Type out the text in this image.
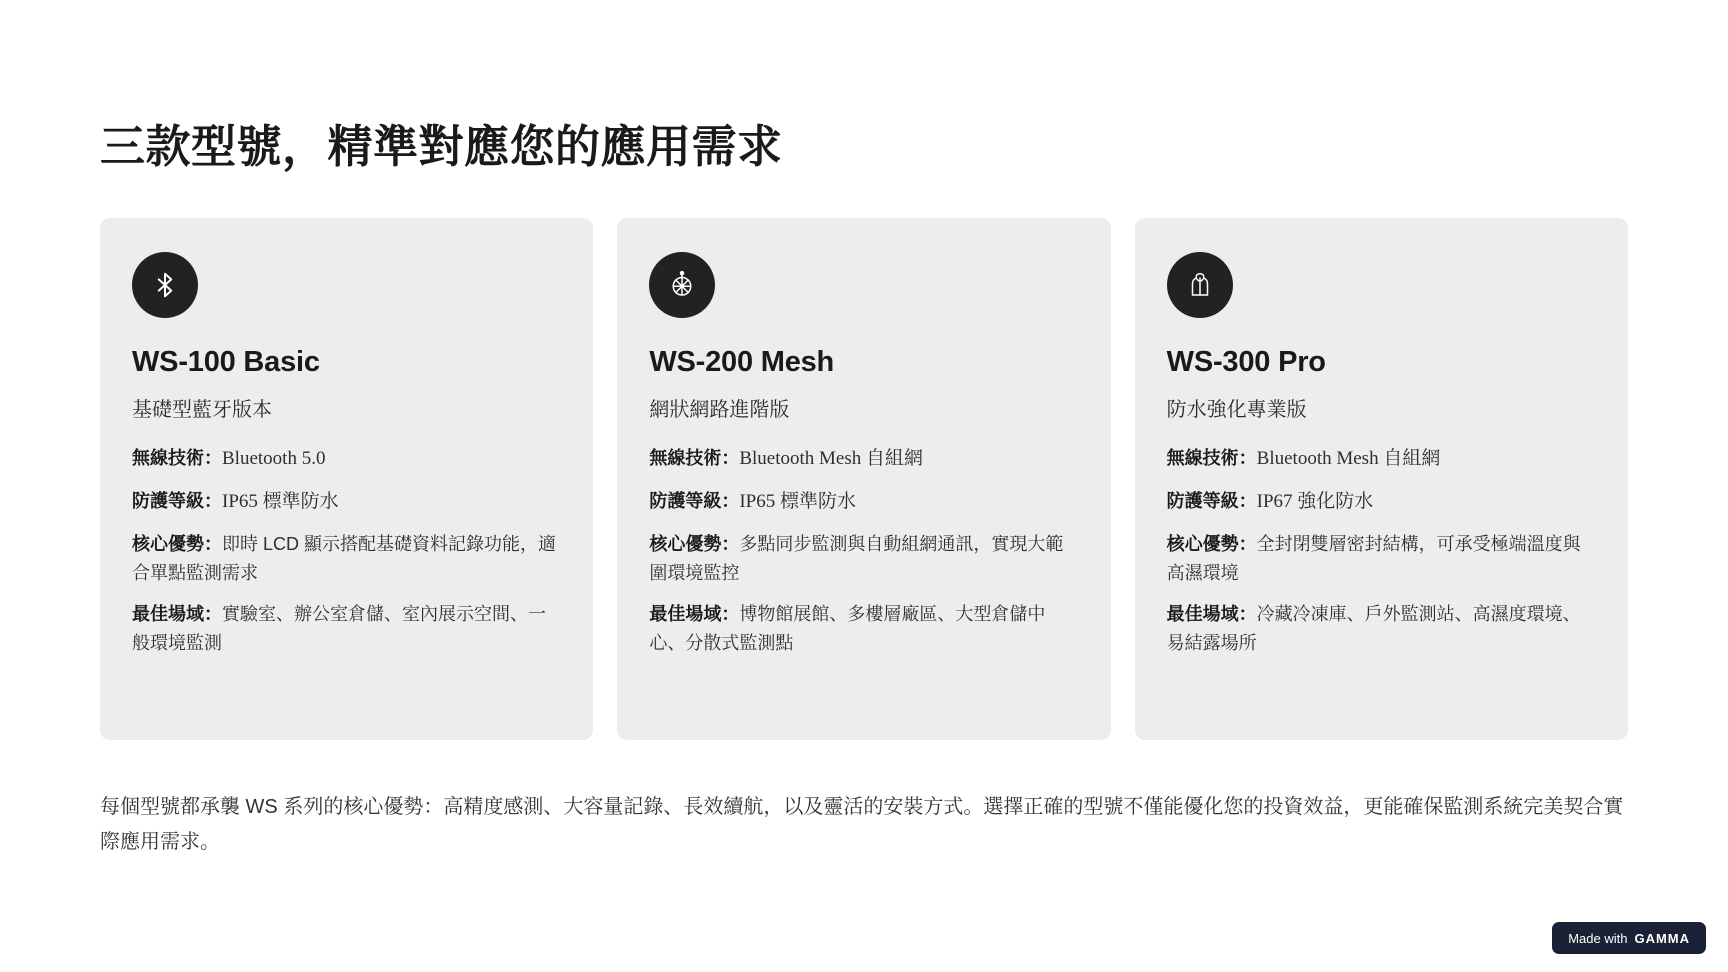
三款型號，精準對應您的應用需求
WS-100 Basic
基礎型藍牙版本
無線技術：Bluetooth 5.0
防護等級：IP65 標準防水
核心優勢：即時 LCD 顯示搭配基礎資料記錄功能，適合單點監測需求
最佳場域：實驗室、辦公室倉儲、室內展示空間、一般環境監測
WS-200 Mesh
網狀網路進階版
無線技術：Bluetooth Mesh 自組網
防護等級：IP65 標準防水
核心優勢：多點同步監測與自動組網通訊，實現大範圍環境監控
最佳場域：博物館展館、多樓層廠區、大型倉儲中心、分散式監測點
WS-300 Pro
防水強化專業版
無線技術：Bluetooth Mesh 自組網
防護等級：IP67 強化防水
核心優勢：全封閉雙層密封結構，可承受極端溫度與高濕環境
最佳場域：冷藏冷凍庫、戶外監測站、高濕度環境、易結露場所
每個型號都承襲 WS 系列的核心優勢：高精度感測、大容量記錄、長效續航，以及靈活的安裝方式。選擇正確的型號不僅能優化您的投資效益，更能確保監測系統完美契合實際應用需求。
Made with GAMMA
